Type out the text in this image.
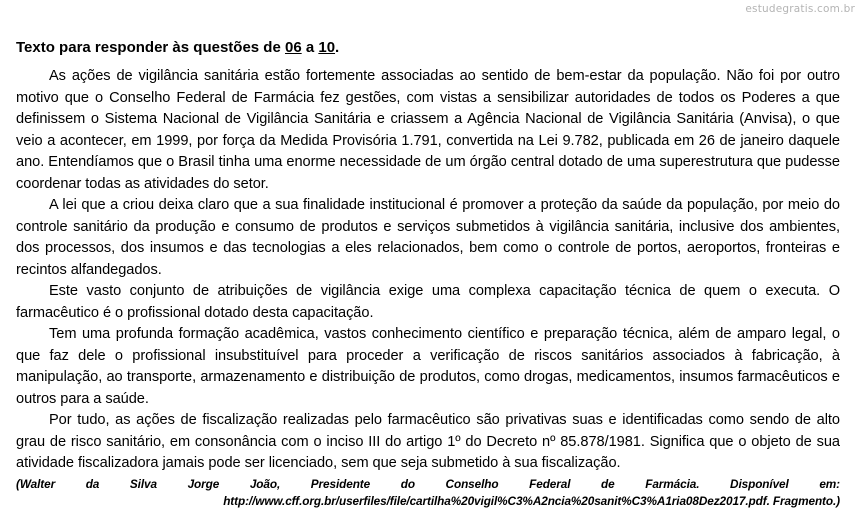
estudegratis.com.br
Texto para responder às questões de 06 a 10.

As ações de vigilância sanitária estão fortemente associadas ao sentido de bem-estar da população. Não foi por outro motivo que o Conselho Federal de Farmácia fez gestões, com vistas a sensibilizar autoridades de todos os Poderes a que definissem o Sistema Nacional de Vigilância Sanitária e criassem a Agência Nacional de Vigilância Sanitária (Anvisa), o que veio a acontecer, em 1999, por força da Medida Provisória 1.791, convertida na Lei 9.782, publicada em 26 de janeiro daquele ano. Entendíamos que o Brasil tinha uma enorme necessidade de um órgão central dotado de uma superestrutura que pudesse coordenar todas as atividades do setor.

A lei que a criou deixa claro que a sua finalidade institucional é promover a proteção da saúde da população, por meio do controle sanitário da produção e consumo de produtos e serviços submetidos à vigilância sanitária, inclusive dos ambientes, dos processos, dos insumos e das tecnologias a eles relacionados, bem como o controle de portos, aeroportos, fronteiras e recintos alfandegados.

Este vasto conjunto de atribuições de vigilância exige uma complexa capacitação técnica de quem o executa. O farmacêutico é o profissional dotado desta capacitação.

Tem uma profunda formação acadêmica, vastos conhecimento científico e preparação técnica, além de amparo legal, o que faz dele o profissional insubstituível para proceder a verificação de riscos sanitários associados à fabricação, à manipulação, ao transporte, armazenamento e distribuição de produtos, como drogas, medicamentos, insumos farmacêuticos e outros para a saúde.

Por tudo, as ações de fiscalização realizadas pelo farmacêutico são privativas suas e identificadas como sendo de alto grau de risco sanitário, em consonância com o inciso III do artigo 1º do Decreto nº 85.878/1981. Significa que o objeto de sua atividade fiscalizadora jamais pode ser licenciado, sem que seja submetido à sua fiscalização.

(Walter da Silva Jorge João, Presidente do Conselho Federal de Farmácia. Disponível em: http://www.cff.org.br/userfiles/file/cartilha%20vigil%C3%A2ncia%20sanit%C3%A1ria08Dez2017.pdf. Fragmento.)
